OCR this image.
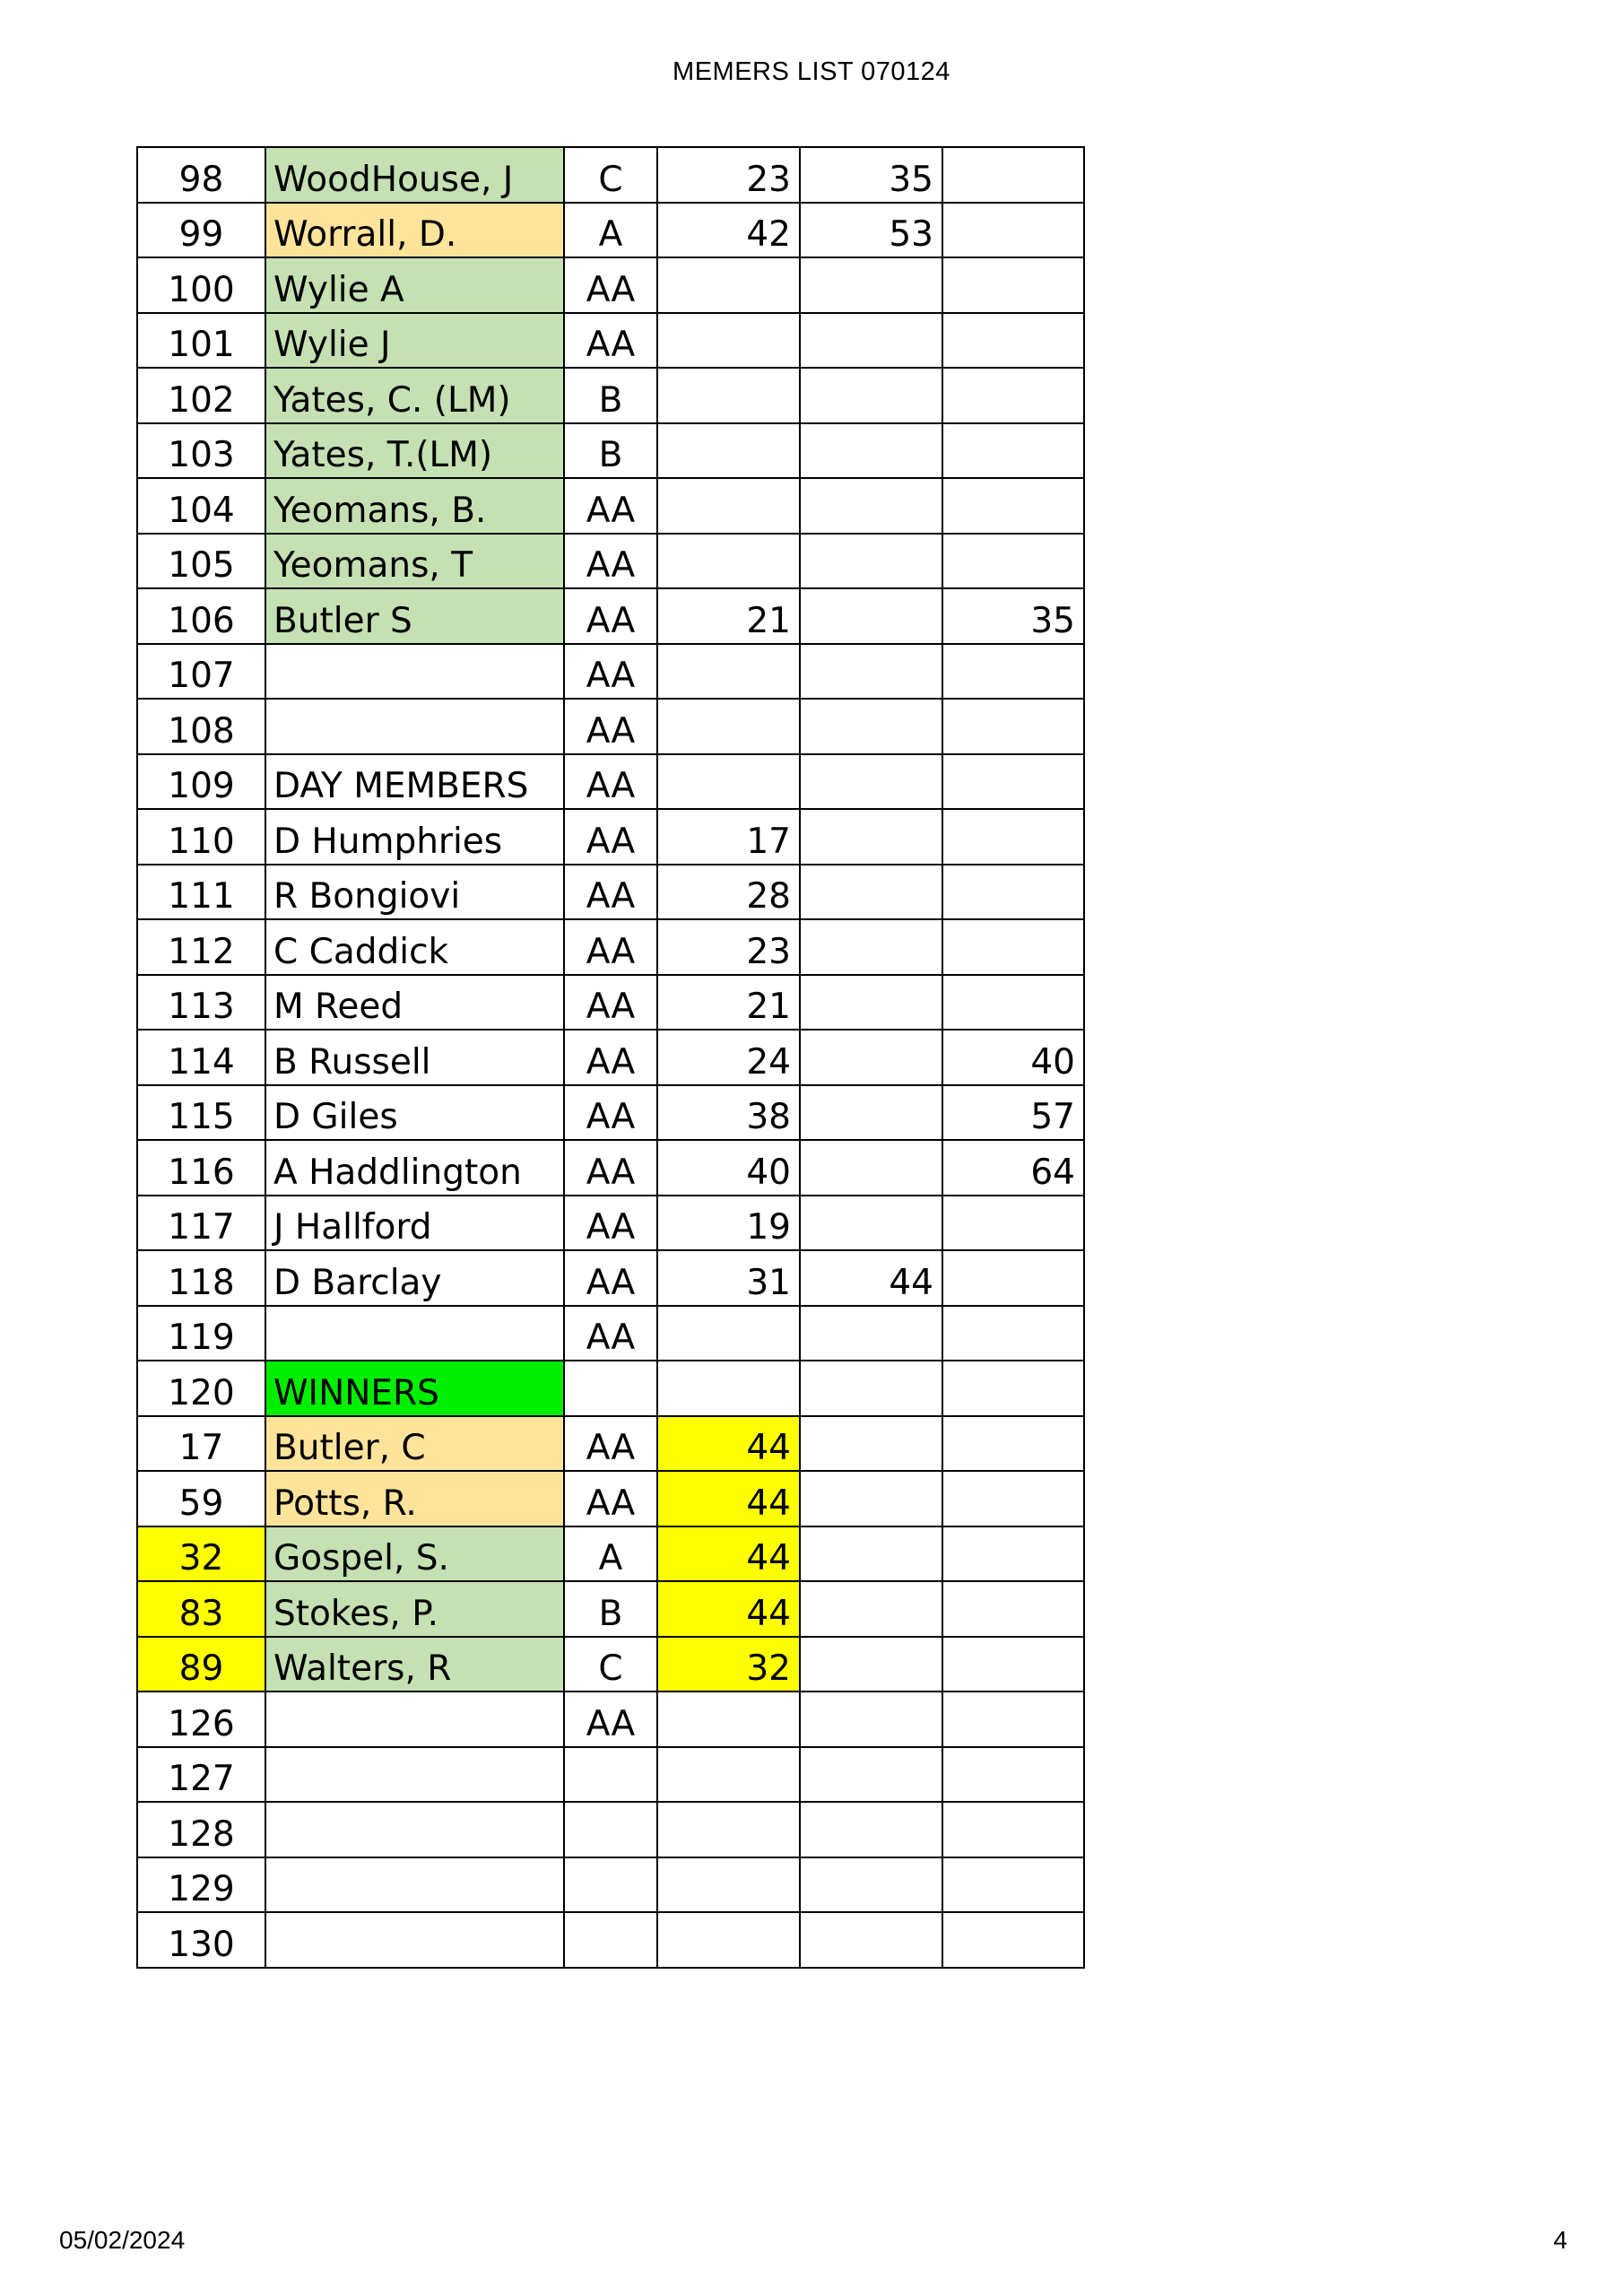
MEMERS LIST 070124
98	WoodHouse, J	C	23	35	
99	Worrall, D.	A	42	53	
100	Wylie A	AA			
101	Wylie J	AA			
102	Yates, C. (LM)	B			
103	Yates, T.(LM)	B			
104	Yeomans, B.	AA			
105	Yeomans, T	AA			
106	Butler S	AA	21		35
107		AA			
108		AA			
109	DAY MEMBERS	AA			
110	D Humphries	AA	17		
111	R Bongiovi	AA	28		
112	C Caddick	AA	23		
113	M Reed	AA	21		
114	B Russell	AA	24		40
115	D Giles	AA	38		57
116	A Haddlington	AA	40		64
117	J Hallford	AA	19		
118	D Barclay	AA	31	44	
119		AA			
120	WINNERS				
17	Butler, C	AA	44		
59	Potts, R.	AA	44		
32	Gospel, S.	A	44		
83	Stokes, P.	B	44		
89	Walters, R	C	32		
126		AA			
127					
128					
129					
130					
05/02/2024	4
